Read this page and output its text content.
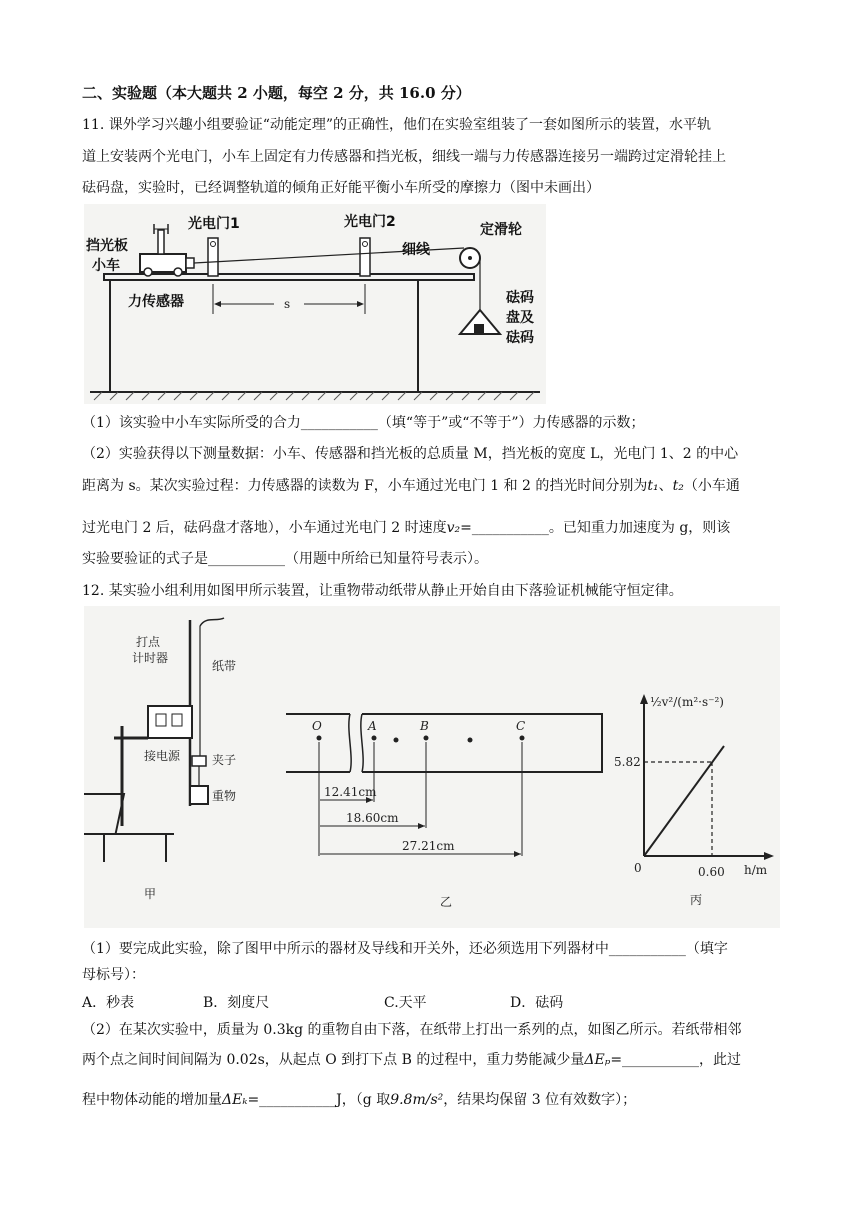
二、实验题（本大题共 2 小题，每空 2 分，共 16.0 分）
11. 课外学习兴趣小组要验证“动能定理”的正确性，他们在实验室组装了一套如图所示的装置，水平轨
道上安装两个光电门，小车上固定有力传感器和挡光板，细线一端与力传感器连接另一端跨过定滑轮挂上
砝码盘，实验时，已经调整轨道的倾角正好能平衡小车所受的摩擦力（图中未画出）
s
光电门1	光电门2
细线
定滑轮
挡光板
小车
力传感器	砝码
盘及
砝码
（1）该实验中小车实际所受的合力___________（填“等于”或“不等于”）力传感器的示数；
（2）实验获得以下测量数据：小车、传感器和挡光板的总质量 M，挡光板的宽度 L，光电门 1、2 的中心
距离为 s。某次实验过程：力传感器的读数为 F，小车通过光电门 1 和 2 的挡光时间分别为t₁、t₂（小车通
过光电门 2 后，砝码盘才落地），小车通过光电门 2 时速度v₂=___________。已知重力加速度为 g，则该
实验要验证的式子是___________（用题中所给已知量符号表示）。
12. 某实验小组利用如图甲所示装置，让重物带动纸带从静止开始自由下落验证机械能守恒定律。
打点
计时器
纸带
接电源	夹子
重物
甲
O	A	B	C
12.41cm
18.60cm
27.21cm
乙
½v²/(m²·s⁻²)
h/m
5.82
0.60
0
丙
（1）要完成此实验，除了图甲中所示的器材及导线和开关外，还必须选用下列器材中___________（填字
母标号）：
A．秒表	B．刻度尺	C.天平	D．砝码
（2）在某次实验中，质量为 0.3kg 的重物自由下落，在纸带上打出一系列的点，如图乙所示。若纸带相邻
两个点之间时间间隔为 0.02s，从起点 O 到打下点 B 的过程中，重力势能减少量ΔEₚ=___________，此过
程中物体动能的增加量ΔEₖ=___________J，（g 取9.8m/s²，结果均保留 3 位有效数字）；
